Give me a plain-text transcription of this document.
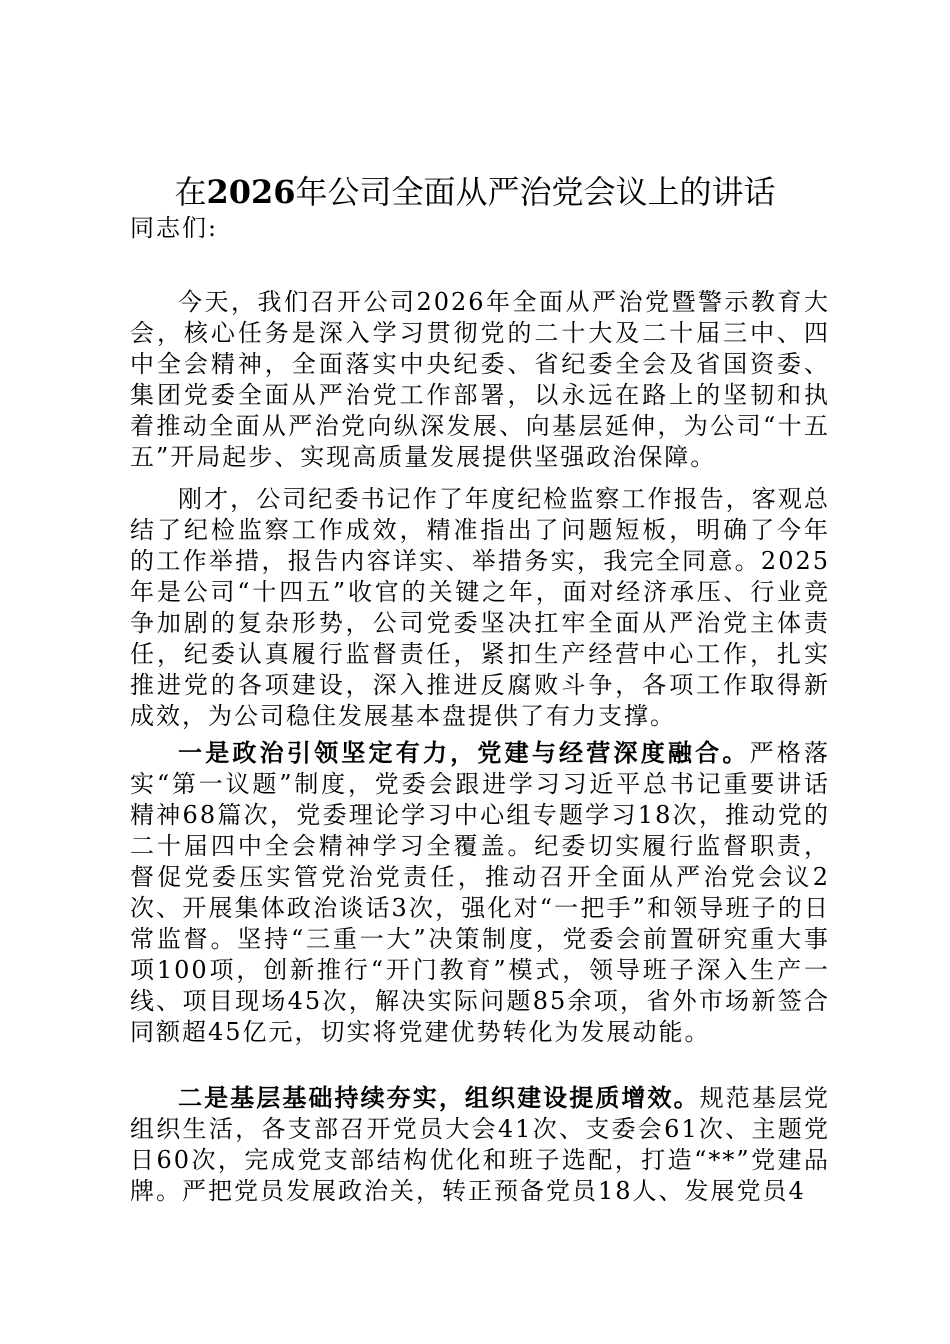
在2026年公司全面从严治党会议上的讲话
同志们:

今天，我们召开公司2026年全面从严治党暨警示教育大会，核心任务是深入学习贯彻党的二十大及二十届三中、四中全会精神，全面落实中央纪委、省纪委全会及省国资委、集团党委全面从严治党工作部署，以永远在路上的坚韧和执着推动全面从严治党向纵深发展、向基层延伸，为公司“十五五”开局起步、实现高质量发展提供坚强政治保障。

刚才，公司纪委书记作了年度纪检监察工作报告，客观总结了纪检监察工作成效，精准指出了问题短板，明确了今年的工作举措，报告内容详实、举措务实，我完全同意。2025年是公司“十四五”收官的关键之年，面对经济承压、行业竞争加剧的复杂形势，公司党委坚决扛牢全面从严治党主体责任，纪委认真履行监督责任，紧扣生产经营中心工作，扎实推进党的各项建设，深入推进反腐败斗争，各项工作取得新成效，为公司稳住发展基本盘提供了有力支撑。

一是政治引领坚定有力，党建与经营深度融合。严格落实“第一议题”制度，党委会跟进学习习近平总书记重要讲话精神68篇次，党委理论学习中心组专题学习18次，推动党的二十届四中全会精神学习全覆盖。纪委切实履行监督职责，督促党委压实管党治党责任，推动召开全面从严治党会议2次、开展集体政治谈话3次，强化对“一把手”和领导班子的日常监督。坚持“三重一大”决策制度，党委会前置研究重大事项100项，创新推行“开门教育”模式，领导班子深入生产一线、项目现场45次，解决实际问题85余项，省外市场新签合同额超45亿元，切实将党建优势转化为发展动能。

二是基层基础持续夯实，组织建设提质增效。规范基层党组织生活，各支部召开党员大会41次、支委会61次、主题党日60次，完成党支部结构优化和班子选配，打造“**”党建品牌。严把党员发展政治关，转正预备党员18人、发展党员4
